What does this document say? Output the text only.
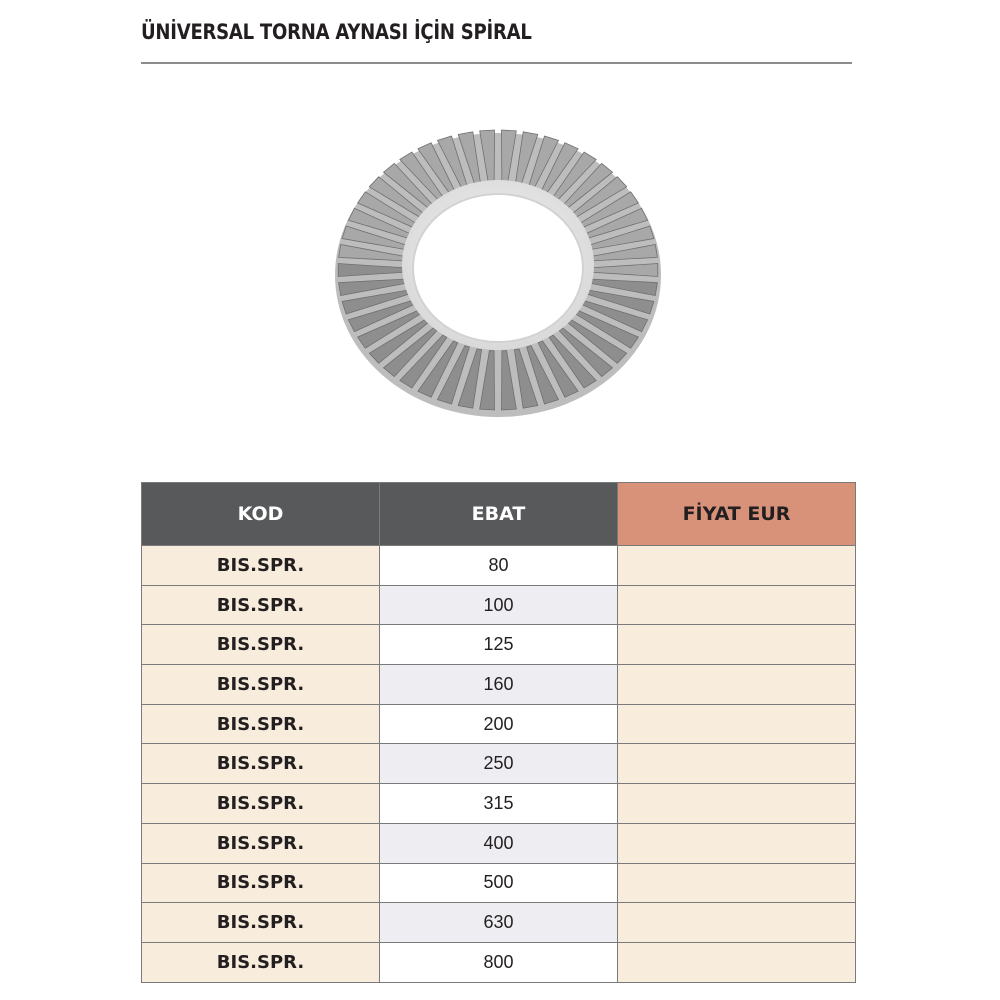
ÜNİVERSAL TORNA AYNASI İÇİN SPİRAL
KOD	EBAT	FİYAT EUR
BIS.SPR.	80	
BIS.SPR.	100	
BIS.SPR.	125	
BIS.SPR.	160	
BIS.SPR.	200	
BIS.SPR.	250	
BIS.SPR.	315	
BIS.SPR.	400	
BIS.SPR.	500	
BIS.SPR.	630	
BIS.SPR.	800	
